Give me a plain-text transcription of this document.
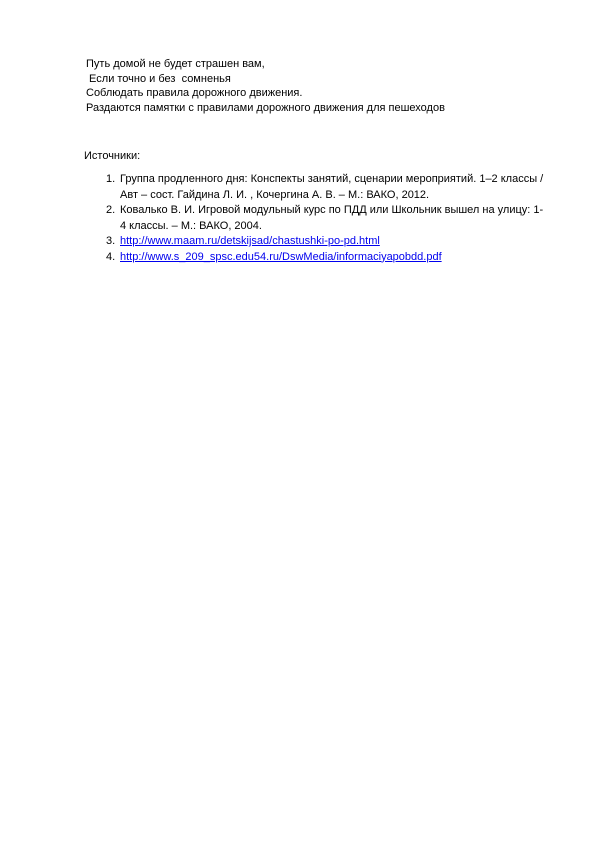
Путь домой не будет страшен вам,
Если точно и без  сомненья
Соблюдать правила дорожного движения.
Раздаются памятки с правилами дорожного движения для пешеходов
Источники:
1. Группа продленного дня: Конспекты занятий, сценарии мероприятий. 1–2 классы / Авт – сост. Гайдина Л. И. , Кочергина А. В. – М.: ВАКО, 2012.
2. Ковалько В. И. Игровой модульный курс по ПДД или Школьник вышел на улицу: 1-4 классы. – М.: ВАКО, 2004.
3. http://www.maam.ru/detskijsad/chastushki-po-pd.html
4. http://www.s_209_spsc.edu54.ru/DswMedia/informaciyapobdd.pdf
